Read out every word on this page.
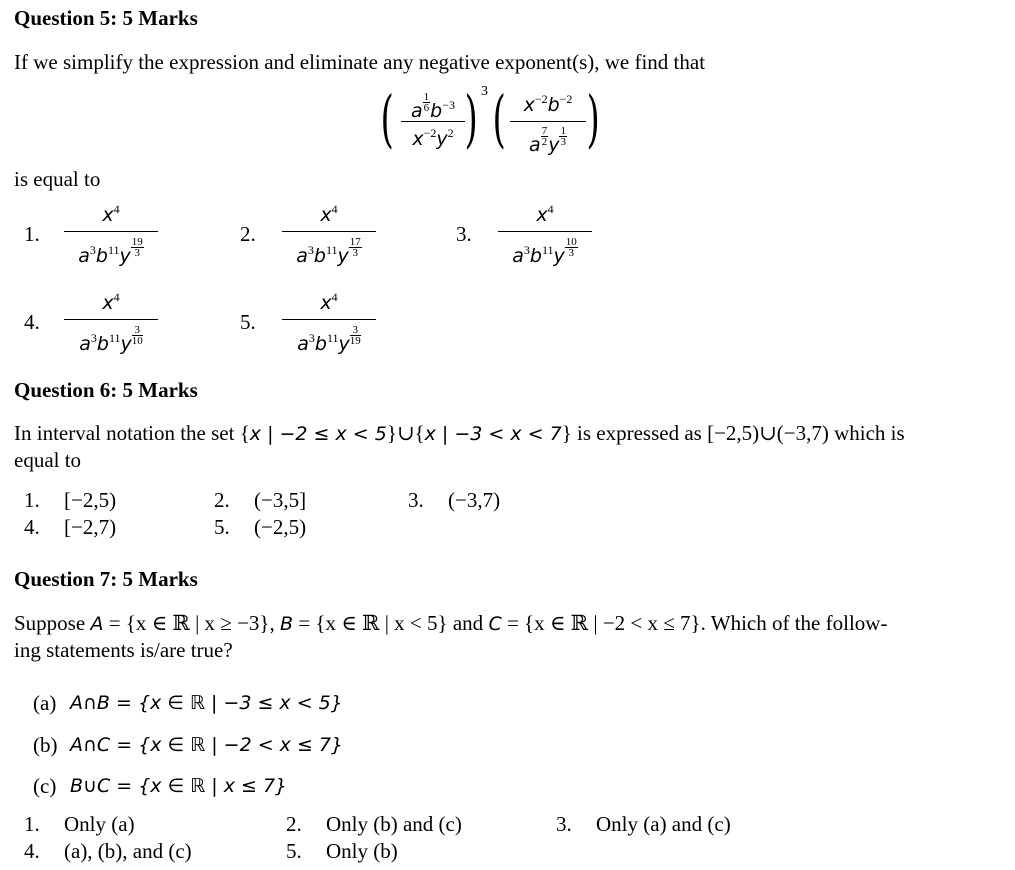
Question 5: 5 Marks
If we simplify the expression and eliminate any negative exponent(s), we find that
( a $\frac{1}{6} b^{-3}$
$x^{-2}y^2$ ) 3 ( $x^{-2}b^{-2}$
a $\frac{7}{2}$ y $\frac{1}{3}$ )
is equal to
1.
$x^4$
$a^3b^{11}y \frac{19}{3}$
2.
$x^4$
$a^3b^{11}y \frac{17}{3}$
3.
$x^4$
$a^3b^{11}y \frac{10}{3}$
4.
$x^4$
$a^3b^{11}y \frac{3}{10}$
5.
$x^4$
$a^3b^{11}y \frac{3}{19}$
Question 6: 5 Marks
In interval notation the set {x | −2 ≤ x < 5}∪{x | −3 < x < 7} is expressed as [−2,5)∪(−3,7) which is
equal to
1. [−2,5)	2. (−3,5]	3. (−3,7)
4. [−2,7)	5. (−2,5)
Question 7: 5 Marks
Suppose A = {x ∈ ℝ | x ≥ −3}, B = {x ∈ ℝ | x < 5} and C = {x ∈ ℝ | −2 < x ≤ 7}. Which of the follow-
ing statements is/are true?
(a) A∩B = {x ∈ ℝ | −3 ≤ x < 5}
(b) A∩C = {x ∈ ℝ | −2 < x ≤ 7}
(c) B∪C = {x ∈ ℝ | x ≤ 7}
1. Only (a)	2. Only (b) and (c)	3. Only (a) and (c)
4. (a), (b), and (c)	5. Only (b)
